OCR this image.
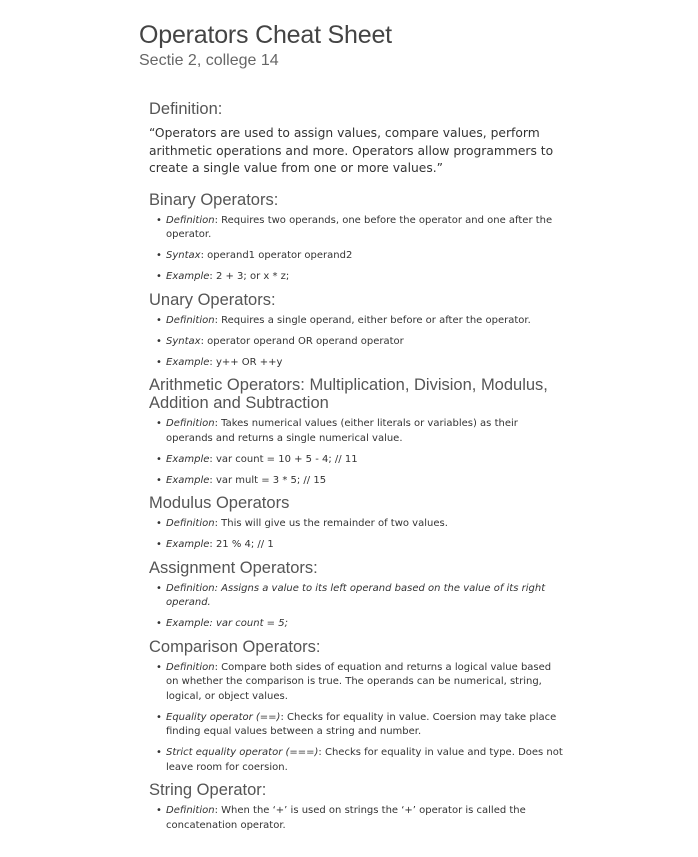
Operators Cheat Sheet
Sectie 2, college 14
Definition:

“Operators are used to assign values, compare values, perform arithmetic operations and more. Operators allow programmers to create a single value from one or more values.”

Binary Operators:
• Definition: Requires two operands, one before the operator and one after the operator.
• Syntax: operand1 operator operand2
• Example: 2 + 3; or x * z;
Unary Operators:
• Definition: Requires a single operand, either before or after the operator.
• Syntax: operator operand OR operand operator
• Example: y++ OR ++y
Arithmetic Operators: Multiplication, Division, Modulus, Addition and Subtraction
• Definition: Takes numerical values (either literals or variables) as their operands and returns a single numerical value.
• Example: var count = 10 + 5 - 4; // 11
• Example: var mult = 3 * 5; // 15
Modulus Operators
• Definition: This will give us the remainder of two values.
• Example: 21 % 4; // 1
Assignment Operators:
• Definition: Assigns a value to its left operand based on the value of its right operand.
• Example: var count = 5;
Comparison Operators:
• Definition: Compare both sides of equation and returns a logical value based on whether the comparison is true. The operands can be numerical, string, logical, or object values.
• Equality operator (==): Checks for equality in value. Coersion may take place finding equal values between a string and number.
• Strict equality operator (===): Checks for equality in value and type. Does not leave room for coersion.
String Operator:
• Definition: When the ‘+’ is used on strings the ‘+’ operator is called the concatenation operator.
